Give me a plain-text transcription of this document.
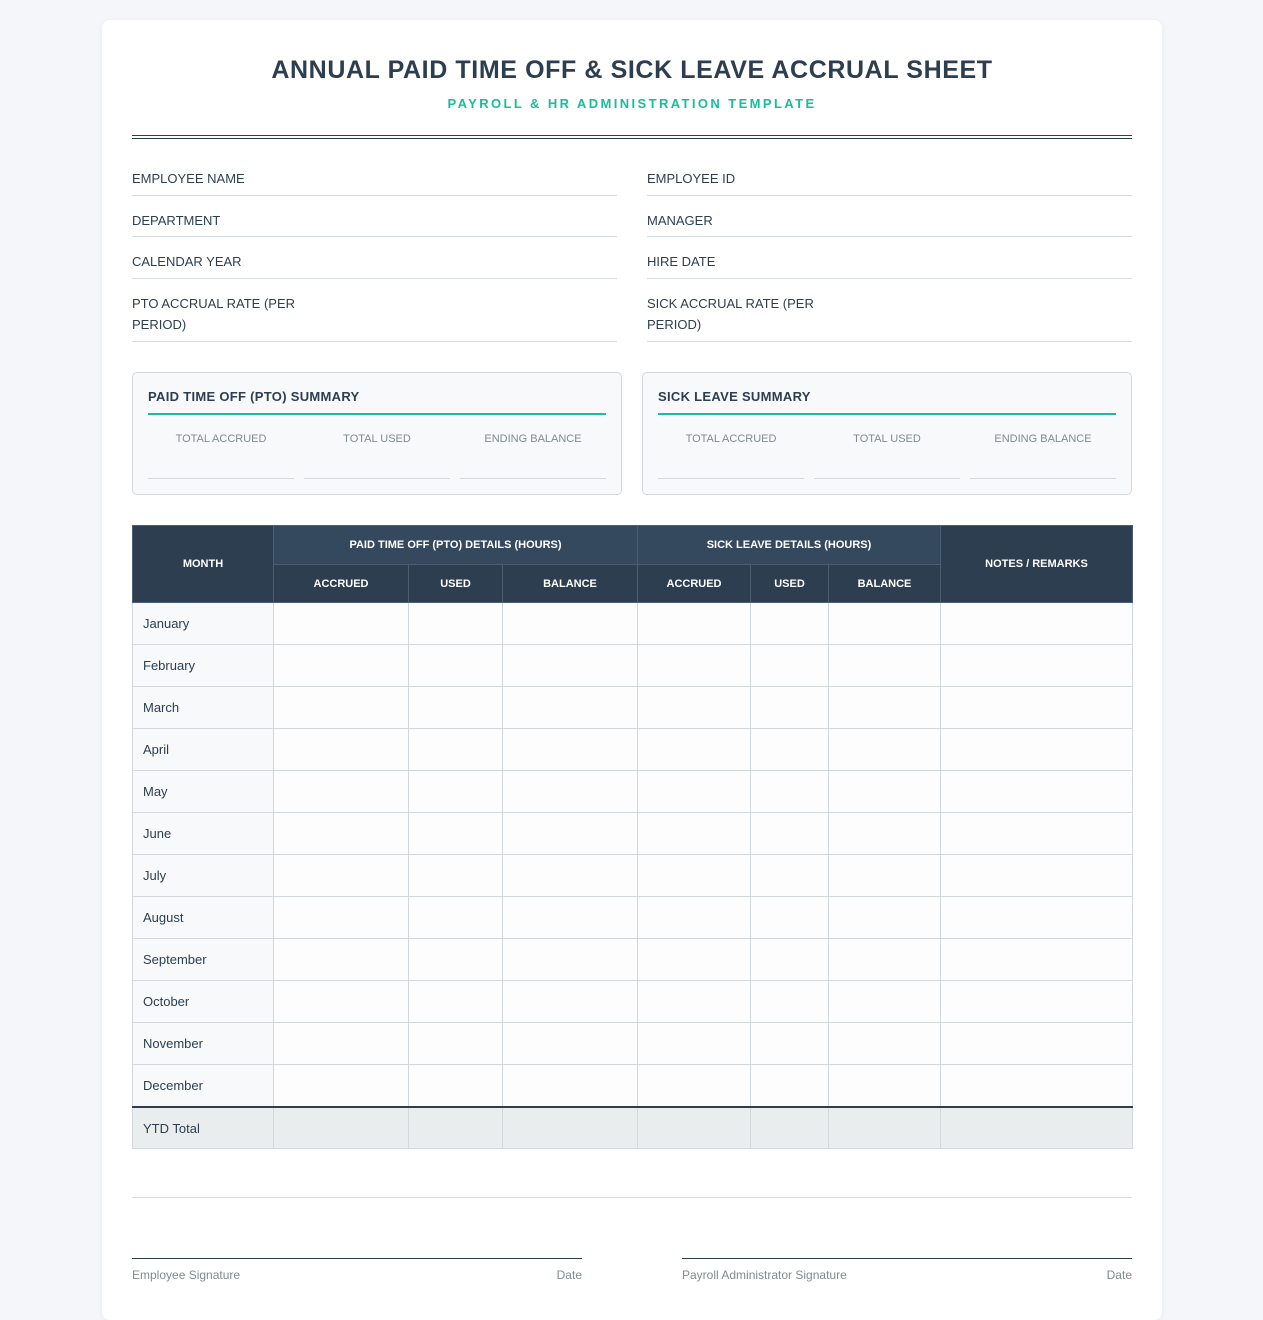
ANNUAL PAID TIME OFF & SICK LEAVE ACCRUAL SHEET
PAYROLL & HR ADMINISTRATION TEMPLATE
EMPLOYEE NAME	EMPLOYEE ID
DEPARTMENT	MANAGER
CALENDAR YEAR	HIRE DATE
PTO ACCRUAL RATE (PER PERIOD)
SICK ACCRUAL RATE (PER PERIOD)
PAID TIME OFF (PTO) SUMMARY
TOTAL ACCRUED	TOTAL USED	ENDING BALANCE
SICK LEAVE SUMMARY
TOTAL ACCRUED	TOTAL USED	ENDING BALANCE
MONTH	PAID TIME OFF (PTO) DETAILS (HOURS)			SICK LEAVE DETAILS (HOURS)			NOTES / REMARKS
	ACCRUED	USED	BALANCE	ACCRUED	USED	BALANCE	
January							
February							
March							
April							
May							
June							
July							
August							
September							
October							
November							
December							
YTD Total							
Employee Signature	Date	Payroll Administrator Signature	Date
